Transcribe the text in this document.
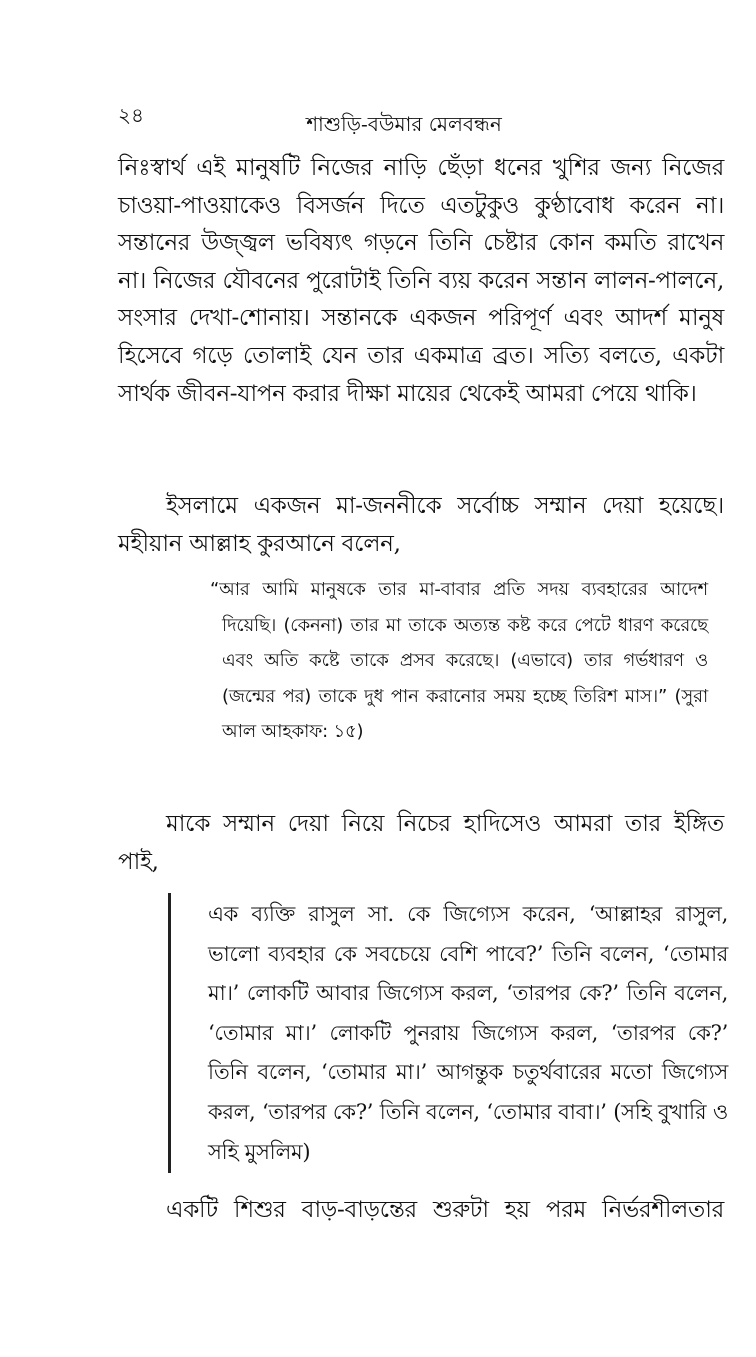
২৪	শাশুড়ি-বউমার মেলবন্ধন

নিঃস্বার্থ এই মানুষটি নিজের নাড়ি ছেঁড়া ধনের খুশির জন্য নিজের চাওয়া-পাওয়াকেও বিসর্জন দিতে এতটুকুও কুণ্ঠাবোধ করেন না। সন্তানের উজ্জ্বল ভবিষ্যৎ গড়নে তিনি চেষ্টার কোন কমতি রাখেন না। নিজের যৌবনের পুরোটাই তিনি ব্যয় করেন সন্তান লালন-পালনে, সংসার দেখা-শোনায়। সন্তানকে একজন পরিপূর্ণ এবং আদর্শ মানুষ হিসেবে গড়ে তোলাই যেন তার একমাত্র ব্রত। সত্যি বলতে, একটা সার্থক জীবন-যাপন করার দীক্ষা মায়ের থেকেই আমরা পেয়ে থাকি।

ইসলামে একজন মা-জননীকে সর্বোচ্চ সম্মান দেয়া হয়েছে। মহীয়ান আল্লাহ কুরআনে বলেন,

“আর আমি মানুষকে তার মা-বাবার প্রতি সদয় ব্যবহারের আদেশ দিয়েছি। (কেননা) তার মা তাকে অত্যন্ত কষ্ট করে পেটে ধারণ করেছে এবং অতি কষ্টে তাকে প্রসব করেছে। (এভাবে) তার গর্ভধারণ ও (জন্মের পর) তাকে দুধ পান করানোর সময় হচ্ছে তিরিশ মাস।” (সুরা আল আহকাফ: ১৫)

মাকে সম্মান দেয়া নিয়ে নিচের হাদিসেও আমরা তার ইঙ্গিত পাই,

এক ব্যক্তি রাসুল সা. কে জিগ্যেস করেন, ‘আল্লাহর রাসুল, ভালো ব্যবহার কে সবচেয়ে বেশি পাবে?’ তিনি বলেন, ‘তোমার মা।’ লোকটি আবার জিগ্যেস করল, ‘তারপর কে?’ তিনি বলেন, ‘তোমার মা।’ লোকটি পুনরায় জিগ্যেস করল, ‘তারপর কে?’ তিনি বলেন, ‘তোমার মা।’ আগন্তুক চতুর্থবারের মতো জিগ্যেস করল, ‘তারপর কে?’ তিনি বলেন, ‘তোমার বাবা।’ (সহি বুখারি ও সহি মুসলিম)

একটি শিশুর বাড়-বাড়ন্তের শুরুটা হয় পরম নির্ভরশীলতার
